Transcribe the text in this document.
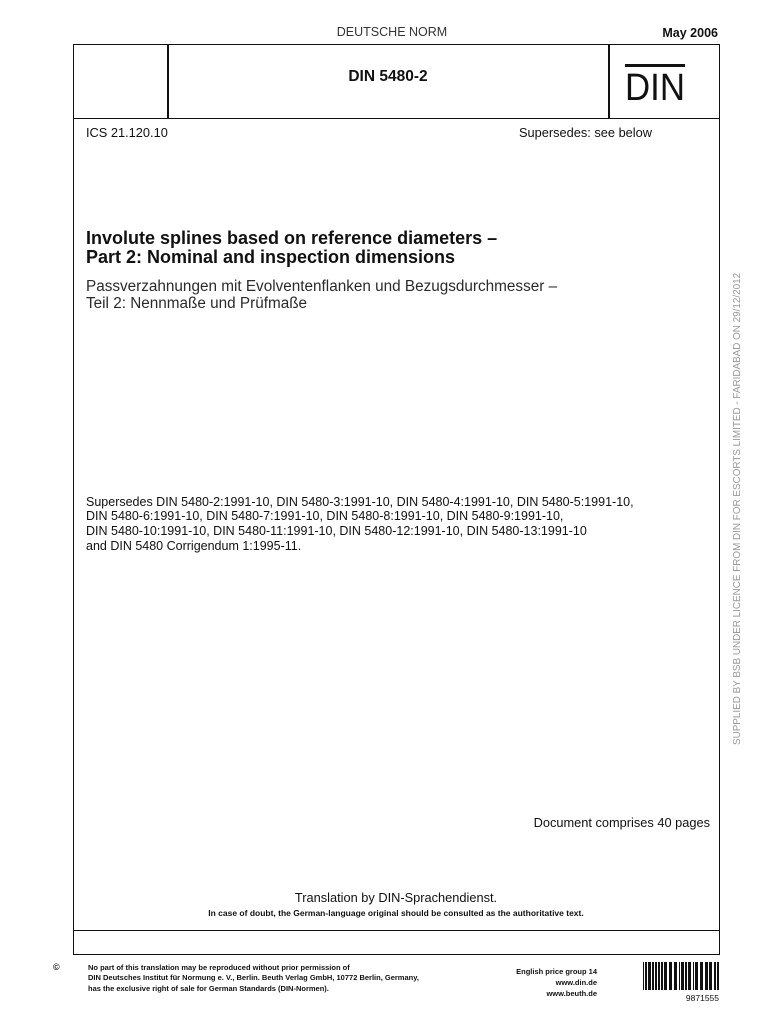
DEUTSCHE NORM	May 2006
DIN 5480-2	DIN
ICS 21.120.10	Supersedes: see below
Involute splines based on reference diameters –
Part 2: Nominal and inspection dimensions
Passverzahnungen mit Evolventenflanken und Bezugsdurchmesser –
Teil 2: Nennmaße und Prüfmaße
Supersedes DIN 5480-2:1991-10, DIN 5480-3:1991-10, DIN 5480-4:1991-10, DIN 5480-5:1991-10,
DIN 5480-6:1991-10, DIN 5480-7:1991-10, DIN 5480-8:1991-10, DIN 5480-9:1991-10,
DIN 5480-10:1991-10, DIN 5480-11:1991-10, DIN 5480-12:1991-10, DIN 5480-13:1991-10
and DIN 5480 Corrigendum 1:1995-11.
Document comprises 40 pages
Translation by DIN-Sprachendienst.
In case of doubt, the German-language original should be consulted as the authoritative text.
©	No part of this translation may be reproduced without prior permission of
DIN Deutsches Institut für Normung e. V., Berlin. Beuth Verlag GmbH, 10772 Berlin, Germany,
has the exclusive right of sale for German Standards (DIN-Normen).
English price group 14
www.din.de
www.beuth.de	9871555
SUPPLIED BY BSB UNDER LICENCE FROM DIN FOR ESCORTS LIMITED - FARIDABAD ON 29/12/2012
